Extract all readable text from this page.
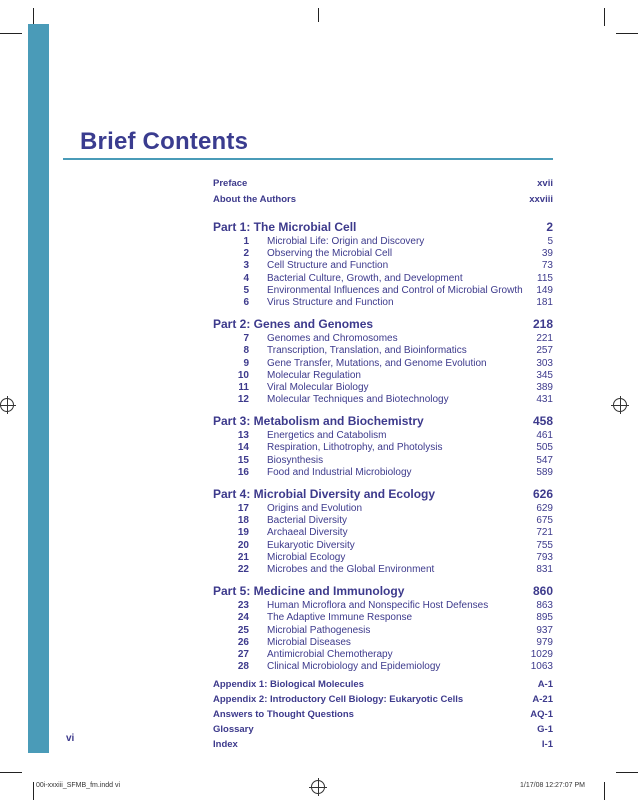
Brief Contents
Preface	xvii
About the Authors	xxviii
Part 1: The Microbial Cell	2
1 Microbial Life: Origin and Discovery	5
2 Observing the Microbial Cell	39
3 Cell Structure and Function	73
4 Bacterial Culture, Growth, and Development	115
5 Environmental Influences and Control of Microbial Growth	149
6 Virus Structure and Function	181
Part 2: Genes and Genomes	218
7 Genomes and Chromosomes	221
8 Transcription, Translation, and Bioinformatics	257
9 Gene Transfer, Mutations, and Genome Evolution	303
10 Molecular Regulation	345
11 Viral Molecular Biology	389
12 Molecular Techniques and Biotechnology	431
Part 3: Metabolism and Biochemistry	458
13 Energetics and Catabolism	461
14 Respiration, Lithotrophy, and Photolysis	505
15 Biosynthesis	547
16 Food and Industrial Microbiology	589
Part 4: Microbial Diversity and Ecology	626
17 Origins and Evolution	629
18 Bacterial Diversity	675
19 Archaeal Diversity	721
20 Eukaryotic Diversity	755
21 Microbial Ecology	793
22 Microbes and the Global Environment	831
Part 5: Medicine and Immunology	860
23 Human Microflora and Nonspecific Host Defenses	863
24 The Adaptive Immune Response	895
25 Microbial Pathogenesis	937
26 Microbial Diseases	979
27 Antimicrobial Chemotherapy	1029
28 Clinical Microbiology and Epidemiology	1063
Appendix 1: Biological Molecules	A-1
Appendix 2: Introductory Cell Biology: Eukaryotic Cells	A-21
Answers to Thought Questions	AQ-1
Glossary	G-1
Index	I-1
vi
00i-xxxiii_SFMB_fm.indd vi	1/17/08 12:27:07 PM
